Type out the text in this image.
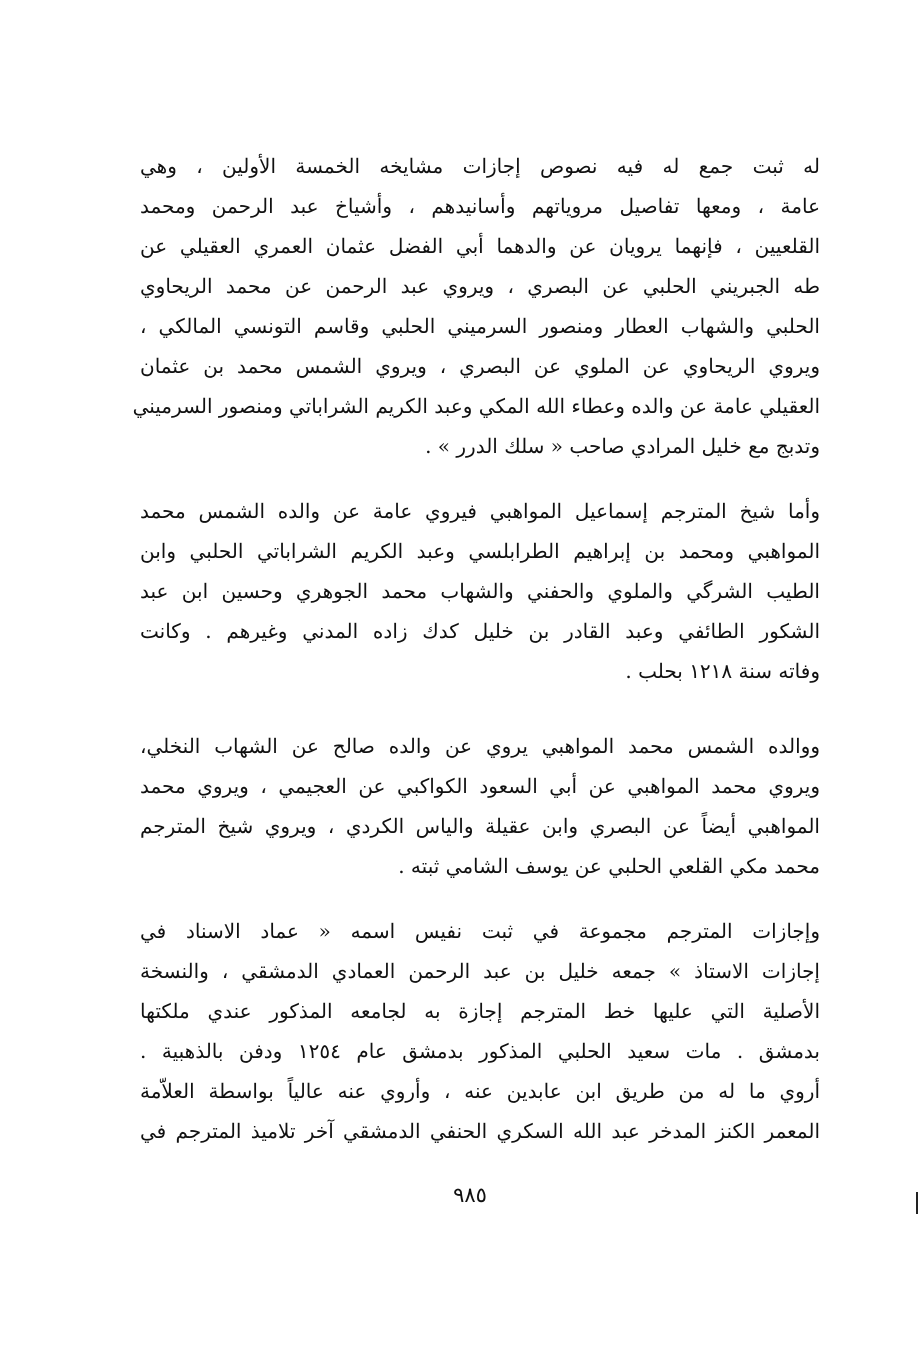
له ثبت جمع له فيه نصوص إجازات مشايخه الخمسة الأولين ، وهي
عامة ، ومعها تفاصيل مروياتهم وأسانيدهم ، وأشياخ عبد الرحمن ومحمد
القلعيين ، فإنهما يرويان عن والدهما أبي الفضل عثمان العمري العقيلي عن
طه الجبريني الحلبي عن البصري ، ويروي عبد الرحمن عن محمد الريحاوي
الحلبي والشهاب العطار ومنصور السرميني الحلبي وقاسم التونسي المالكي ،
ويروي الريحاوي عن الملوي عن البصري ، ويروي الشمس محمد بن عثمان
العقيلي عامة عن والده وعطاء الله المكي وعبد الكريم الشراباتي ومنصور السرميني
وتدبج مع خليل المرادي صاحب « سلك الدرر » .
وأما شيخ المترجم إسماعيل المواهبي فيروي عامة عن والده الشمس محمد
المواهبي ومحمد بن إبراهيم الطرابلسي وعبد الكريم الشراباتي الحلبي وابن
الطيب الشرگي والملوي والحفني والشهاب محمد الجوهري وحسين ابن عبد
الشكور الطائفي وعبد القادر بن خليل كدك زاده المدني وغيرهم . وكانت
وفاته سنة ١٢١٨ بحلب .
ووالده الشمس محمد المواهبي يروي عن والده صالح عن الشهاب النخلي،
ويروي محمد المواهبي عن أبي السعود الكواكبي عن العجيمي ، ويروي محمد
المواهبي أيضاً عن البصري وابن عقيلة والياس الكردي ، ويروي شيخ المترجم
محمد مكي القلعي الحلبي عن يوسف الشامي ثبته .
وإجازات المترجم مجموعة في ثبت نفيس اسمه « عماد الاسناد في
إجازات الاستاذ » جمعه خليل بن عبد الرحمن العمادي الدمشقي ، والنسخة
الأصلية التي عليها خط المترجم إجازة به لجامعه المذكور عندي ملكتها
بدمشق . مات سعيد الحلبي المذكور بدمشق عام ١٢٥٤ ودفن بالذهبية .
أروي ما له من طريق ابن عابدين عنه ، وأروي عنه عالياً بواسطة العلاّمة
المعمر الكنز المدخر عبد الله السكري الحنفي الدمشقي آخر تلاميذ المترجم في
٩٨٥
